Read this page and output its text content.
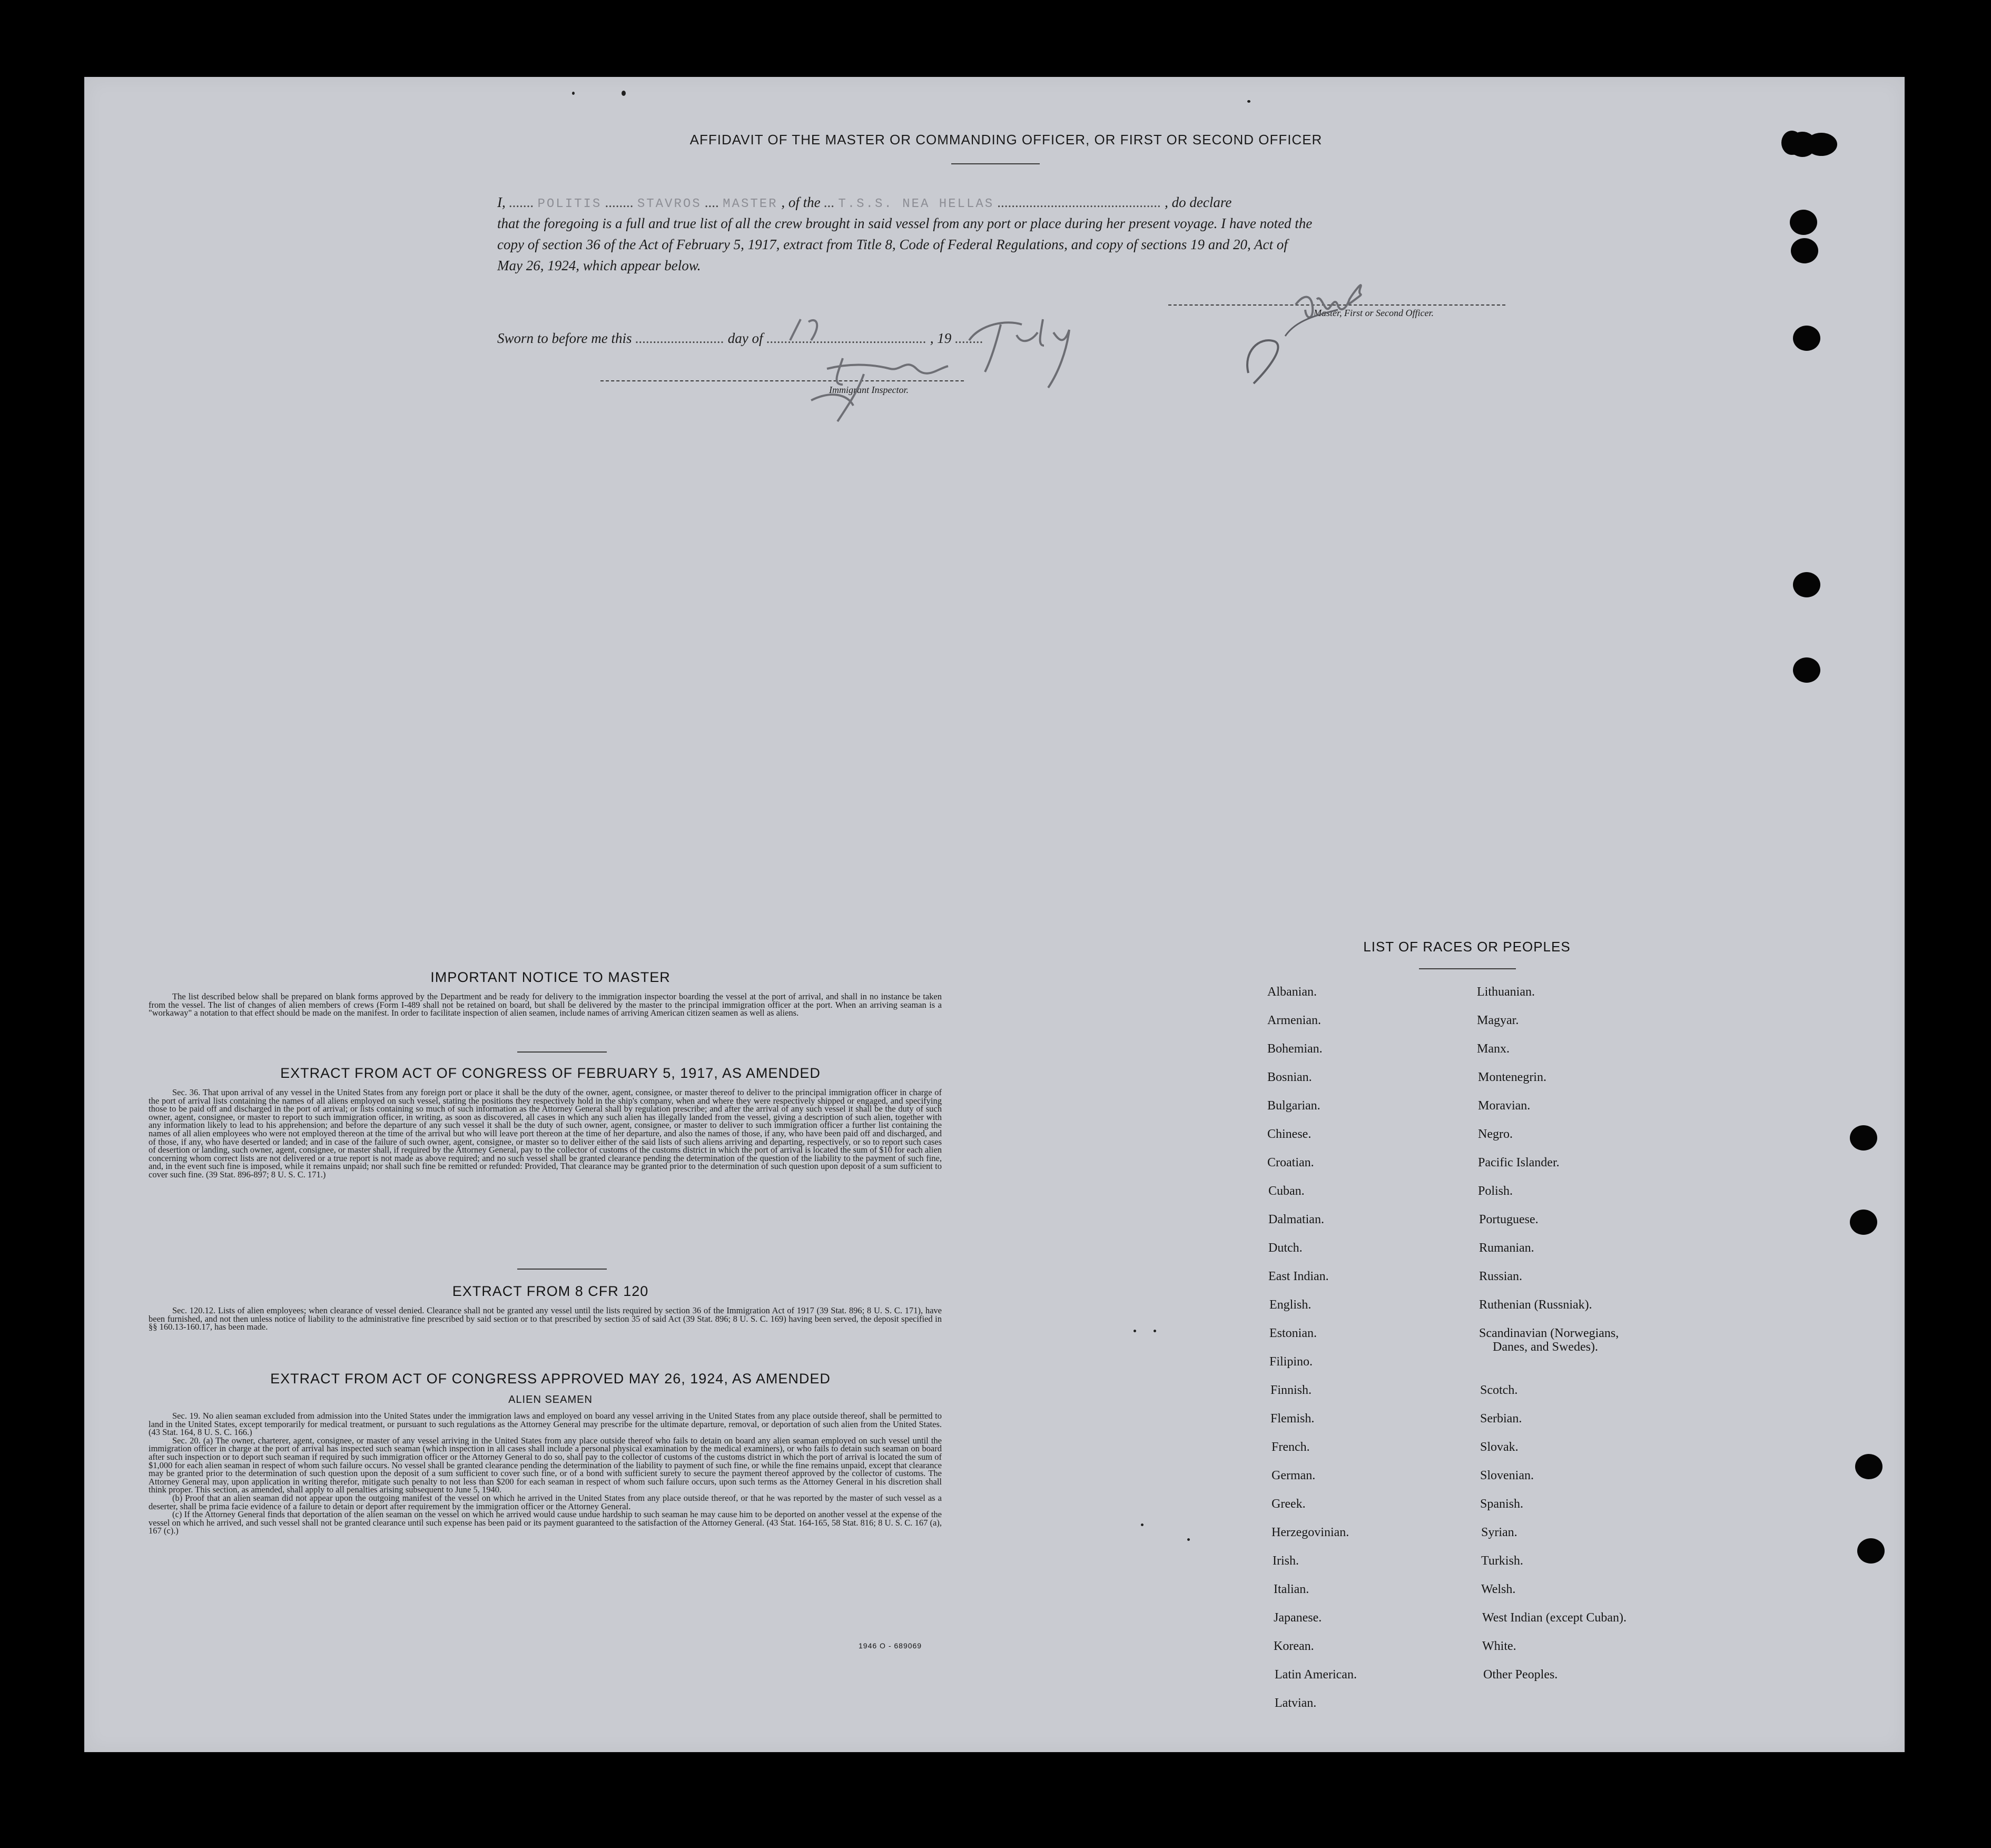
AFFIDAVIT OF THE MASTER OR COMMANDING OFFICER, OR FIRST OR SECOND OFFICER
I, ....... POLITIS ........ STAVROS .... MASTER , of the ... T.S.S. NEA HELLAS .............................................. , do declare
that the foregoing is a full and true list of all the crew brought in said vessel from any port or place during her present voyage. I have noted the
copy of section 36 of the Act of February 5, 1917, extract from Title 8, Code of Federal Regulations, and copy of sections 19 and 20, Act of
May 26, 1924, which appear below.
Master, First or Second Officer.
Sworn to before me this ......................... day of ............................................. , 19 ........
Immigrant Inspector.
IMPORTANT NOTICE TO MASTER

The list described below shall be prepared on blank forms approved by the Department and be ready for delivery to the immigration inspector boarding the vessel at the port of arrival, and shall in no instance be taken from the vessel. The list of changes of alien members of crews (Form I-489 shall not be retained on board, but shall be delivered by the master to the principal immigration officer at the port. When an arriving seaman is a "workaway" a notation to that effect should be made on the manifest. In order to facilitate inspection of alien seamen, include names of arriving American citizen seamen as well as aliens.

EXTRACT FROM ACT OF CONGRESS OF FEBRUARY 5, 1917, AS AMENDED

Sec. 36. That upon arrival of any vessel in the United States from any foreign port or place it shall be the duty of the owner, agent, consignee, or master thereof to deliver to the principal immigration officer in charge of the port of arrival lists containing the names of all aliens employed on such vessel, stating the positions they respectively hold in the ship's company, when and where they were respectively shipped or engaged, and specifying those to be paid off and discharged in the port of arrival; or lists containing so much of such information as the Attorney General shall by regulation prescribe; and after the arrival of any such vessel it shall be the duty of such owner, agent, consignee, or master to report to such immigration officer, in writing, as soon as discovered, all cases in which any such alien has illegally landed from the vessel, giving a description of such alien, together with any information likely to lead to his apprehension; and before the departure of any such vessel it shall be the duty of such owner, agent, consignee, or master to deliver to such immigration officer a further list containing the names of all alien employees who were not employed thereon at the time of the arrival but who will leave port thereon at the time of her departure, and also the names of those, if any, who have been paid off and discharged, and of those, if any, who have deserted or landed; and in case of the failure of such owner, agent, consignee, or master so to deliver either of the said lists of such aliens arriving and departing, respectively, or so to report such cases of desertion or landing, such owner, agent, consignee, or master shall, if required by the Attorney General, pay to the collector of customs of the customs district in which the port of arrival is located the sum of $10 for each alien concerning whom correct lists are not delivered or a true report is not made as above required; and no such vessel shall be granted clearance pending the determination of the question of the liability to the payment of such fine, and, in the event such fine is imposed, while it remains unpaid; nor shall such fine be remitted or refunded: Provided, That clearance may be granted prior to the determination of such question upon deposit of a sum sufficient to cover such fine. (39 Stat. 896-897; 8 U. S. C. 171.)

EXTRACT FROM 8 CFR 120

Sec. 120.12. Lists of alien employees; when clearance of vessel denied. Clearance shall not be granted any vessel until the lists required by section 36 of the Immigration Act of 1917 (39 Stat. 896; 8 U. S. C. 171), have been furnished, and not then unless notice of liability to the administrative fine prescribed by said section or to that prescribed by section 35 of said Act (39 Stat. 896; 8 U. S. C. 169) having been served, the deposit specified in §§ 160.13-160.17, has been made.

EXTRACT FROM ACT OF CONGRESS APPROVED MAY 26, 1924, AS AMENDED
ALIEN SEAMEN

Sec. 19. No alien seaman excluded from admission into the United States under the immigration laws and employed on board any vessel arriving in the United States from any place outside thereof, shall be permitted to land in the United States, except temporarily for medical treatment, or pursuant to such regulations as the Attorney General may prescribe for the ultimate departure, removal, or deportation of such alien from the United States. (43 Stat. 164, 8 U. S. C. 166.)

Sec. 20. (a) The owner, charterer, agent, consignee, or master of any vessel arriving in the United States from any place outside thereof who fails to detain on board any alien seaman employed on such vessel until the immigration officer in charge at the port of arrival has inspected such seaman (which inspection in all cases shall include a personal physical examination by the medical examiners), or who fails to detain such seaman on board after such inspection or to deport such seaman if required by such immigration officer or the Attorney General to do so, shall pay to the collector of customs of the customs district in which the port of arrival is located the sum of $1,000 for each alien seaman in respect of whom such failure occurs. No vessel shall be granted clearance pending the determination of the liability to payment of such fine, or while the fine remains unpaid, except that clearance may be granted prior to the determination of such question upon the deposit of a sum sufficient to cover such fine, or of a bond with sufficient surety to secure the payment thereof approved by the collector of customs. The Attorney General may, upon application in writing therefor, mitigate such penalty to not less than $200 for each seaman in respect of whom such failure occurs, upon such terms as the Attorney General in his discretion shall think proper. This section, as amended, shall apply to all penalties arising subsequent to June 5, 1940.

(b) Proof that an alien seaman did not appear upon the outgoing manifest of the vessel on which he arrived in the United States from any place outside thereof, or that he was reported by the master of such vessel as a deserter, shall be prima facie evidence of a failure to detain or deport after requirement by the immigration officer or the Attorney General.

(c) If the Attorney General finds that deportation of the alien seaman on the vessel on which he arrived would cause undue hardship to such seaman he may cause him to be deported on another vessel at the expense of the vessel on which he arrived, and such vessel shall not be granted clearance until such expense has been paid or its payment guaranteed to the satisfaction of the Attorney General. (43 Stat. 164-165, 58 Stat. 816; 8 U. S. C. 167 (a), 167 (c).)

1946 O - 689069
LIST OF RACES OR PEOPLES
Albanian.
Armenian.
Bohemian.
Bosnian.
Bulgarian.
Chinese.
Croatian.
Cuban.
Dalmatian.
Dutch.
East Indian.
English.
Estonian.
Filipino.
Finnish.
Flemish.
French.
German.
Greek.
Herzegovinian.
Irish.
Italian.
Japanese.
Korean.
Latin American.
Latvian.
Lithuanian.
Magyar.
Manx.
Montenegrin.
Moravian.
Negro.
Pacific Islander.
Polish.
Portuguese.
Rumanian.
Russian.
Ruthenian (Russniak).
Scandinavian (Norwegians,
Danes, and Swedes).
Scotch.
Serbian.
Slovak.
Slovenian.
Spanish.
Syrian.
Turkish.
Welsh.
West Indian (except Cuban).
White.
Other Peoples.
